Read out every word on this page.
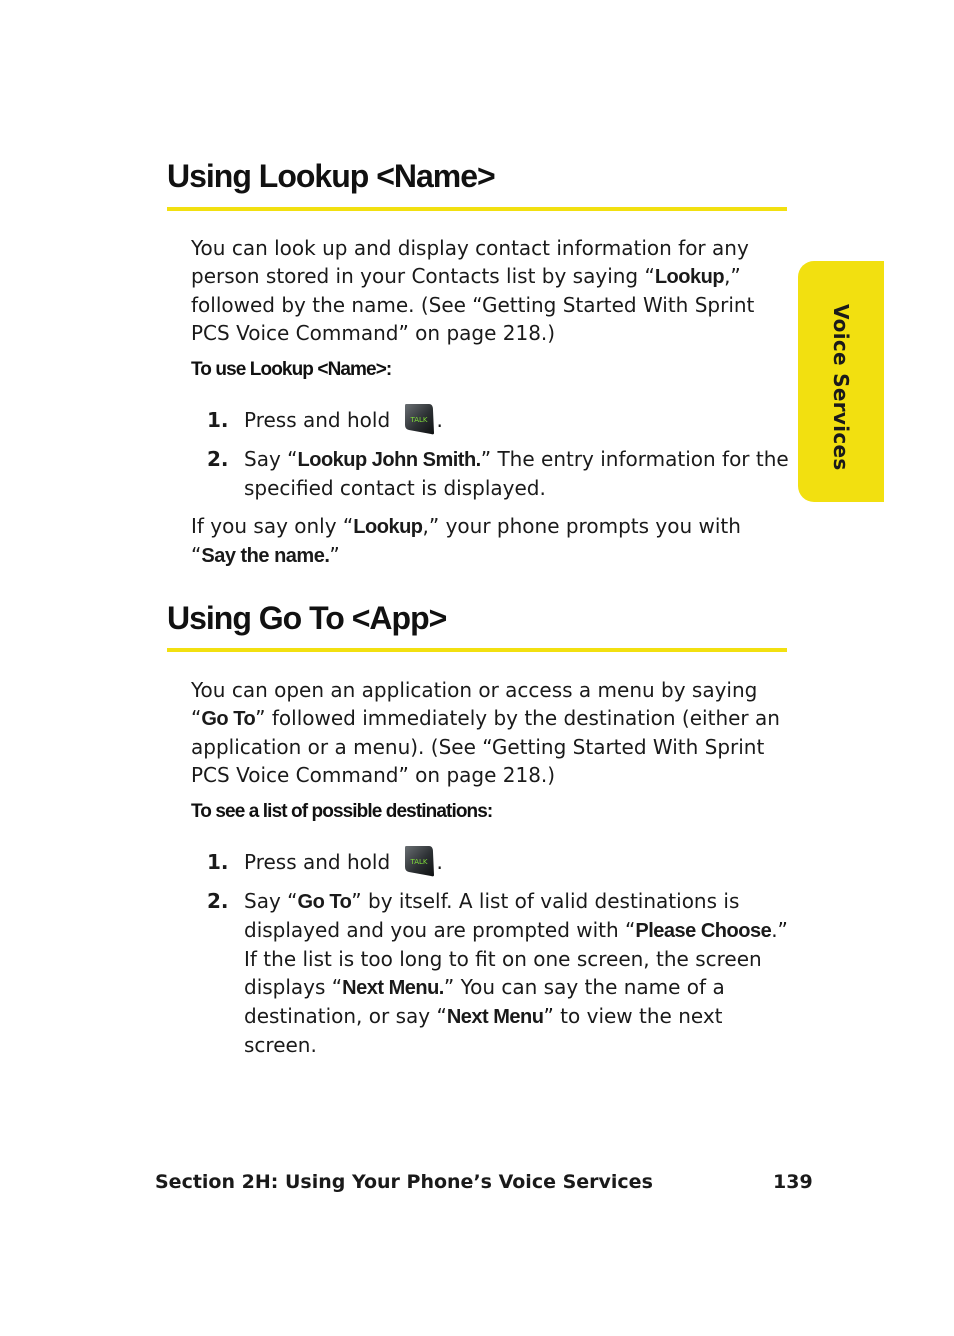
Voice Services
Using Lookup <Name>

You can look up and display contact information for any person stored in your Contacts list by saying “Lookup,” followed by the name. (See “Getting Started With Sprint PCS Voice Command” on page 218.)

To use Lookup <Name>:

1. Press and hold TALK .
2. Say “Lookup John Smith.” The entry information for the specified contact is displayed.

If you say only “Lookup,” your phone prompts you with “Say the name.”

Using Go To <App>

You can open an application or access a menu by saying “Go To” followed immediately by the destination (either an application or a menu). (See “Getting Started With Sprint PCS Voice Command” on page 218.)

To see a list of possible destinations:

1. Press and hold TALK .
2. Say “Go To” by itself. A list of valid destinations is displayed and you are prompted with “Please Choose.” If the list is too long to fit on one screen, the screen displays “Next Menu.” You can say the name of a destination, or say “Next Menu” to view the next screen.
Section 2H: Using Your Phone’s Voice Services	139
